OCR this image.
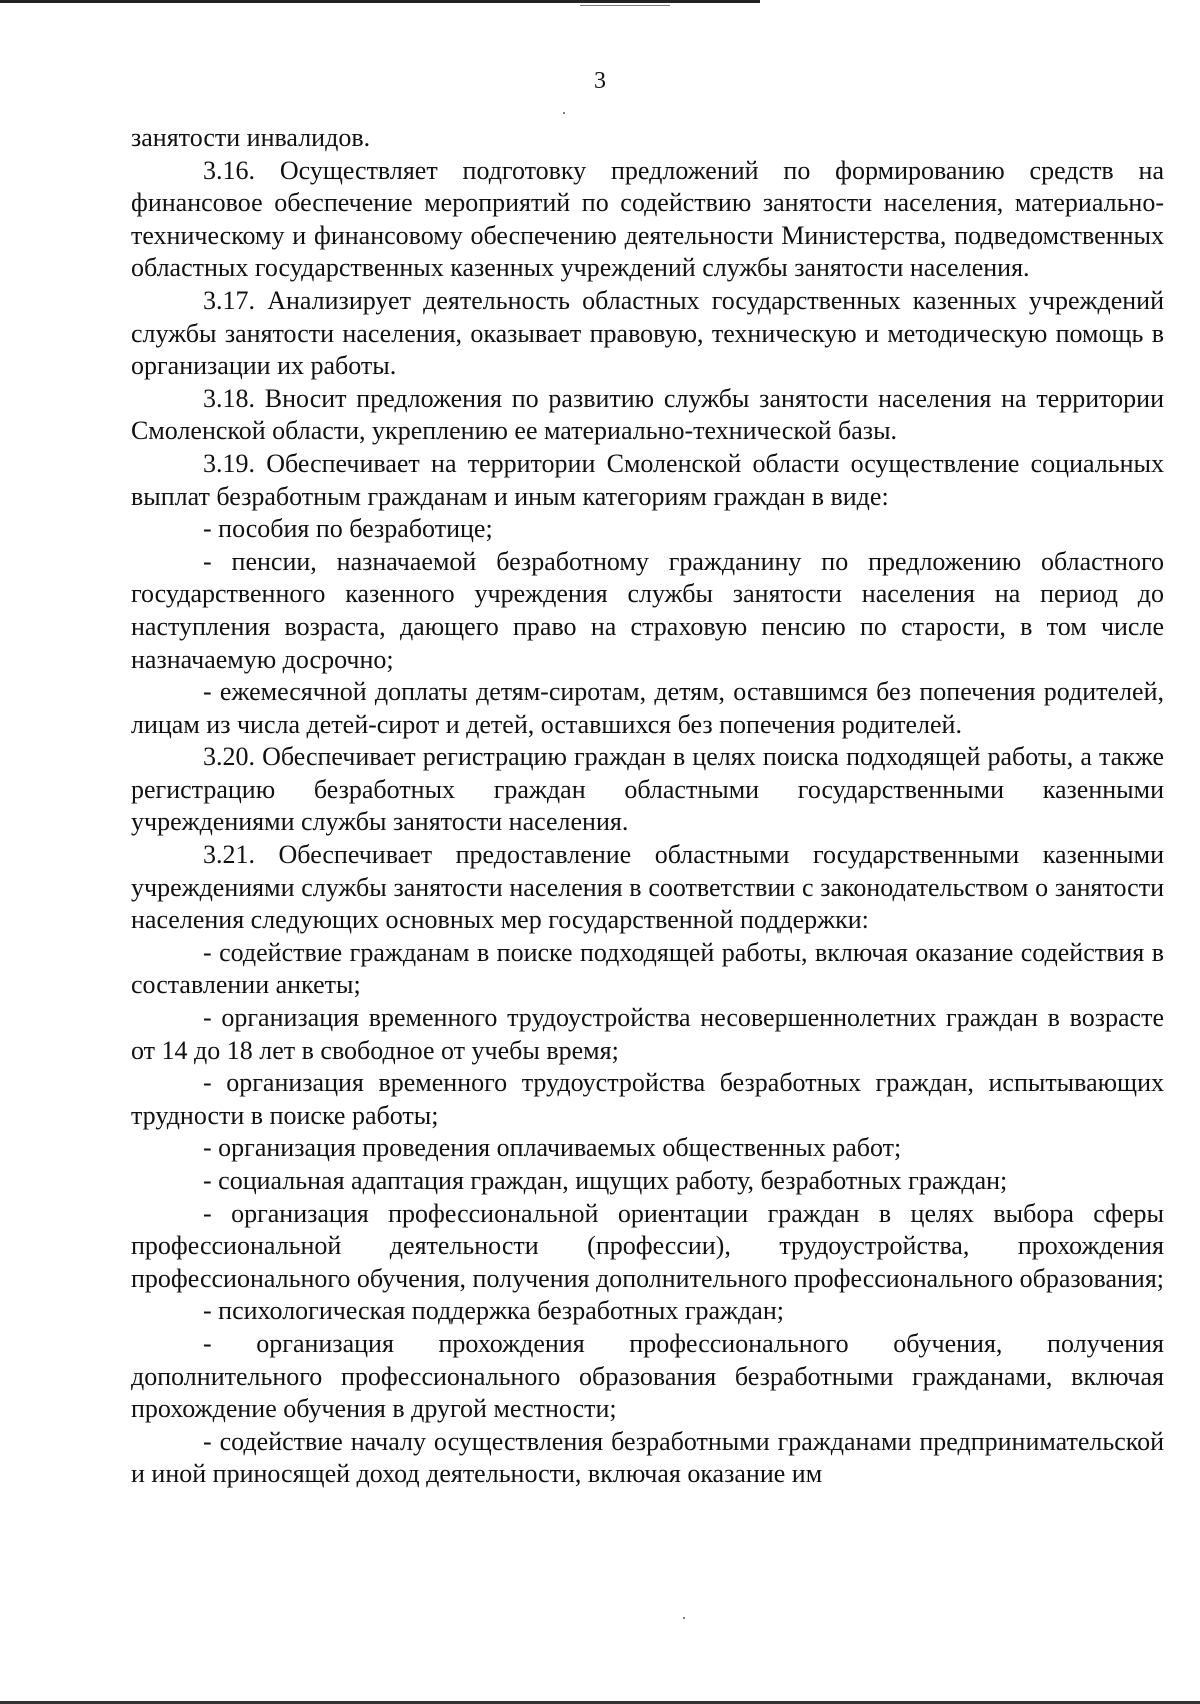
3

занятости инвалидов.

3.16. Осуществляет подготовку предложений по формированию средств на финансовое обеспечение мероприятий по содействию занятости населения, материально-техническому и финансовому обеспечению деятельности Министерства, подведомственных областных государственных казенных учреждений службы занятости населения.

3.17. Анализирует деятельность областных государственных казенных учреждений службы занятости населения, оказывает правовую, техническую и методическую помощь в организации их работы.

3.18. Вносит предложения по развитию службы занятости населения на территории Смоленской области, укреплению ее материально-технической базы.

3.19. Обеспечивает на территории Смоленской области осуществление социальных выплат безработным гражданам и иным категориям граждан в виде:

- пособия по безработице;

- пенсии, назначаемой безработному гражданину по предложению областного государственного казенного учреждения службы занятости населения на период до наступления возраста, дающего право на страховую пенсию по старости, в том числе назначаемую досрочно;

- ежемесячной доплаты детям-сиротам, детям, оставшимся без попечения родителей, лицам из числа детей-сирот и детей, оставшихся без попечения родителей.

3.20. Обеспечивает регистрацию граждан в целях поиска подходящей работы, а также регистрацию безработных граждан областными государственными казенными учреждениями службы занятости населения.

3.21. Обеспечивает предоставление областными государственными казенными учреждениями службы занятости населения в соответствии с законодательством о занятости населения следующих основных мер государственной поддержки:

- содействие гражданам в поиске подходящей работы, включая оказание содействия в составлении анкеты;

- организация временного трудоустройства несовершеннолетних граждан в возрасте от 14 до 18 лет в свободное от учебы время;

- организация временного трудоустройства безработных граждан, испытывающих трудности в поиске работы;

- организация проведения оплачиваемых общественных работ;

- социальная адаптация граждан, ищущих работу, безработных граждан;

- организация профессиональной ориентации граждан в целях выбора сферы профессиональной деятельности (профессии), трудоустройства, прохождения профессионального обучения, получения дополнительного профессионального образования;

- психологическая поддержка безработных граждан;

- организация прохождения профессионального обучения, получения дополнительного профессионального образования безработными гражданами, включая прохождение обучения в другой местности;

- содействие началу осуществления безработными гражданами предпринимательской и иной приносящей доход деятельности, включая оказание им
